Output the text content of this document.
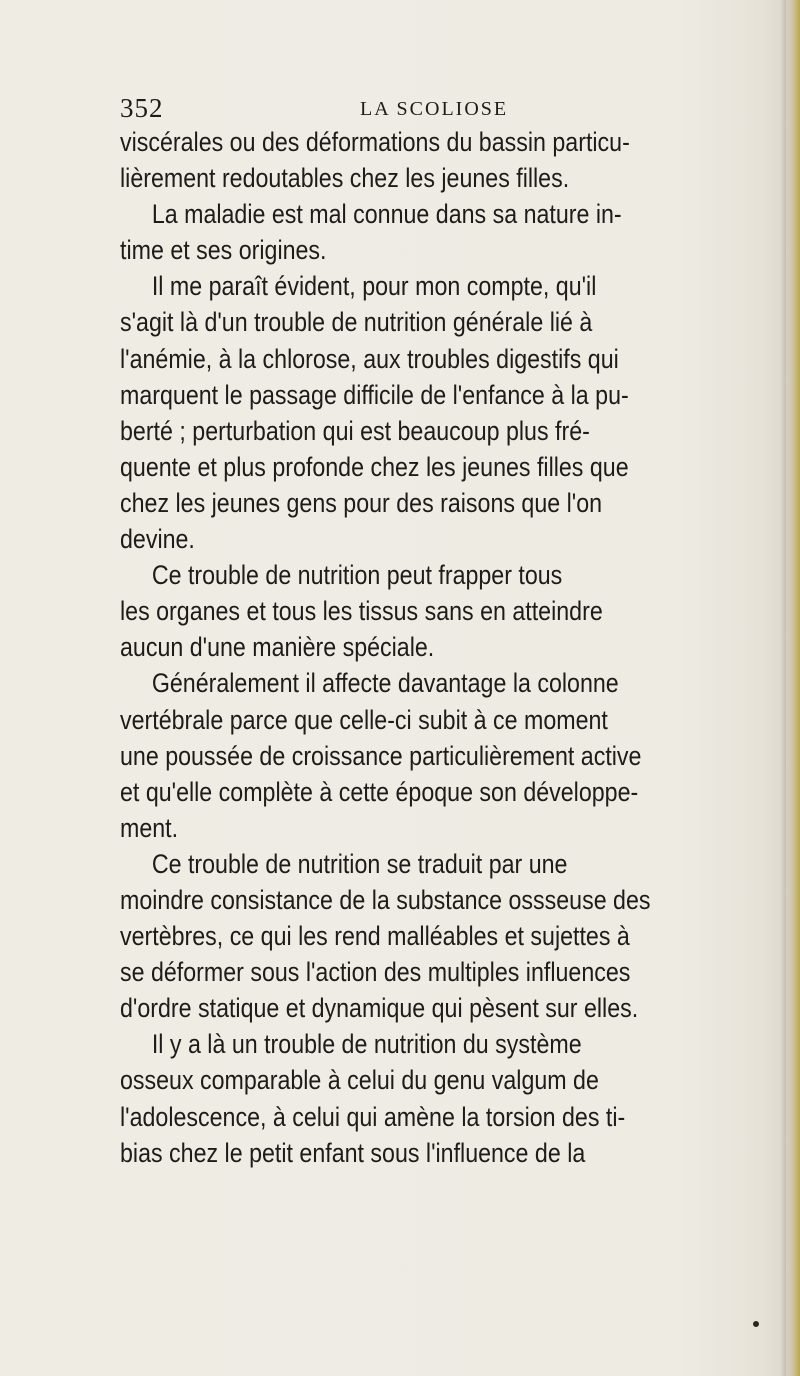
352	LA SCOLIOSE
viscérales ou des déformations du bassin particu-
lièrement redoutables chez les jeunes filles.
La maladie est mal connue dans sa nature in-
time et ses origines.
Il me paraît évident, pour mon compte, qu'il
s'agit là d'un trouble de nutrition générale lié à
l'anémie, à la chlorose, aux troubles digestifs qui
marquent le passage difficile de l'enfance à la pu-
berté ; perturbation qui est beaucoup plus fré-
quente et plus profonde chez les jeunes filles que
chez les jeunes gens pour des raisons que l'on
devine.
Ce trouble de nutrition peut frapper tous
les organes et tous les tissus sans en atteindre
aucun d'une manière spéciale.
Généralement il affecte davantage la colonne
vertébrale parce que celle-ci subit à ce moment
une poussée de croissance particulièrement active
et qu'elle complète à cette époque son développe-
ment.
Ce trouble de nutrition se traduit par une
moindre consistance de la substance ossseuse des
vertèbres, ce qui les rend malléables et sujettes à
se déformer sous l'action des multiples influences
d'ordre statique et dynamique qui pèsent sur elles.
Il y a là un trouble de nutrition du système
osseux comparable à celui du genu valgum de
l'adolescence, à celui qui amène la torsion des ti-
bias chez le petit enfant sous l'influence de la
